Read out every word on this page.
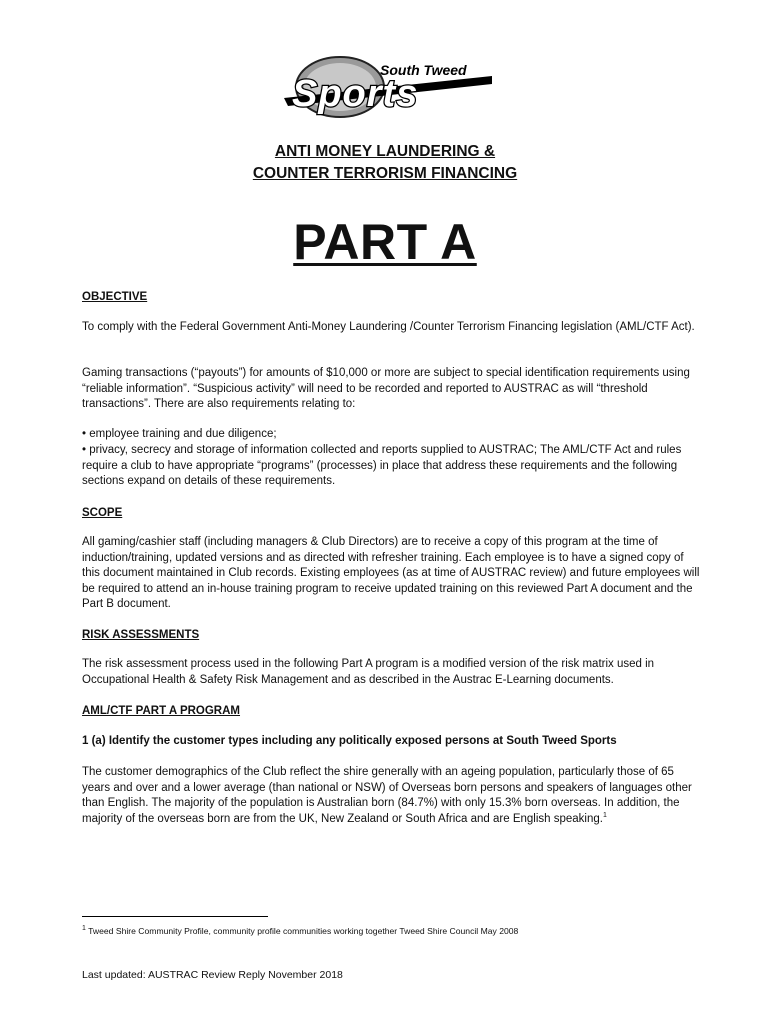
South Tweed
Sports
ANTI MONEY LAUNDERING &
COUNTER TERRORISM FINANCING
PART A
OBJECTIVE
To comply with the Federal Government Anti-Money Laundering /Counter Terrorism Financing legislation (AML/CTF Act).
Gaming transactions (“payouts”) for amounts of $10,000 or more are subject to special identification requirements using “reliable information”. “Suspicious activity” will need to be recorded and reported to AUSTRAC as will “threshold transactions”. There are also requirements relating to:
• employee training and due diligence;
• privacy, secrecy and storage of information collected and reports supplied to AUSTRAC; The AML/CTF Act and rules require a club to have appropriate “programs” (processes) in place that address these requirements and the following sections expand on details of these requirements.
SCOPE
All gaming/cashier staff (including managers & Club Directors) are to receive a copy of this program at the time of induction/training, updated versions and as directed with refresher training. Each employee is to have a signed copy of this document maintained in Club records. Existing employees (as at time of AUSTRAC review) and future employees will be required to attend an in-house training program to receive updated training on this reviewed Part A document and the Part B document.
RISK ASSESSMENTS
The risk assessment process used in the following Part A program is a modified version of the risk matrix used in Occupational Health & Safety Risk Management and as described in the Austrac E-Learning documents.
AML/CTF PART A PROGRAM
1 (a) Identify the customer types including any politically exposed persons at South Tweed Sports
The customer demographics of the Club reflect the shire generally with an ageing population, particularly those of 65 years and over and a lower average (than national or NSW) of Overseas born persons and speakers of languages other than English. The majority of the population is Australian born (84.7%) with only 15.3% born overseas. In addition, the majority of the overseas born are from the UK, New Zealand or South Africa and are English speaking.$^1$
$^1$ Tweed Shire Community Profile, community profile communities working together Tweed Shire Council May 2008
Last updated: AUSTRAC Review Reply November 2018
